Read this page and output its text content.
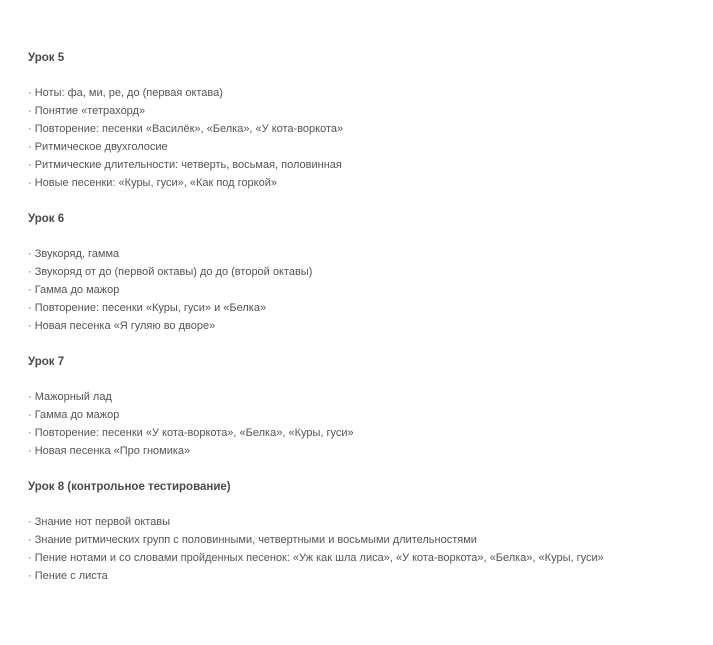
Урок 5
· Ноты: фа, ми, ре, до (первая октава)
· Понятие «тетрахорд»
· Повторение: песенки «Василёк», «Белка», «У кота-воркота»
· Ритмическое двухголосие
· Ритмические длительности: четверть, восьмая, половинная
· Новые песенки: «Куры, гуси», «Как под горкой»
Урок 6
· Звукоряд, гамма
· Звукоряд от до (первой октавы) до до (второй октавы)
· Гамма до мажор
· Повторение: песенки «Куры, гуси» и «Белка»
· Новая песенка «Я гуляю во дворе»
Урок 7
· Мажорный лад
· Гамма до мажор
· Повторение: песенки «У кота-воркота», «Белка», «Куры, гуси»
· Новая песенка «Про гномика»
Урок 8 (контрольное тестирование)
· Знание нот первой октавы
· Знание ритмических групп с половинными, четвертными и восьмыми длительностями
· Пение нотами и со словами пройденных песенок: «Уж как шла лиса», «У кота-воркота», «Белка», «Куры, гуси»
· Пение с листа
